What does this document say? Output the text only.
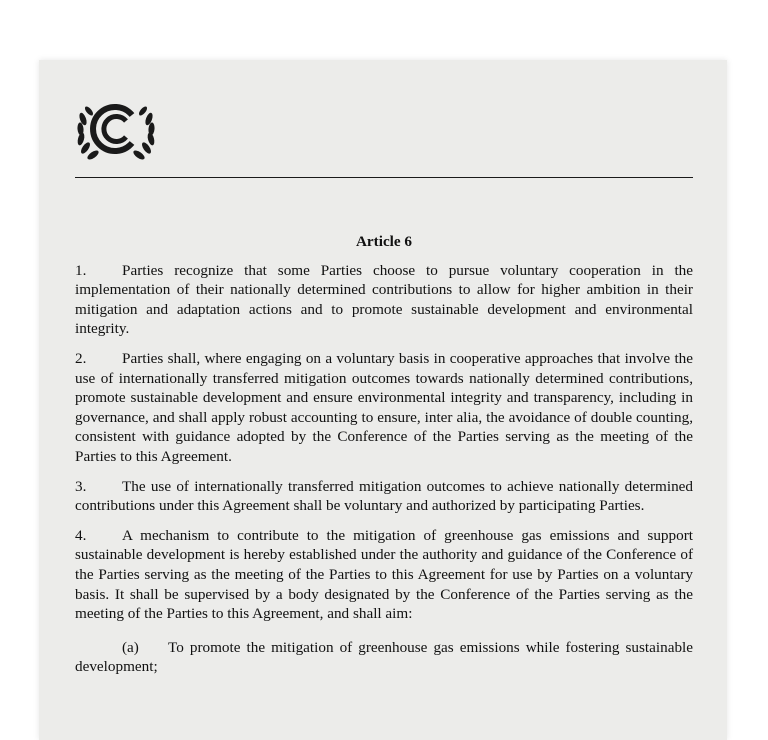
Article 6

1. Parties recognize that some Parties choose to pursue voluntary cooperation in the implementation of their nationally determined contributions to allow for higher ambition in their mitigation and adaptation actions and to promote sustainable development and environmental integrity.

2. Parties shall, where engaging on a voluntary basis in cooperative approaches that involve the use of internationally transferred mitigation outcomes towards nationally determined contributions, promote sustainable development and ensure environmental integrity and transparency, including in governance, and shall apply robust accounting to ensure, inter alia, the avoidance of double counting, consistent with guidance adopted by the Conference of the Parties serving as the meeting of the Parties to this Agreement.

3. The use of internationally transferred mitigation outcomes to achieve nationally determined contributions under this Agreement shall be voluntary and authorized by participating Parties.

4. A mechanism to contribute to the mitigation of greenhouse gas emissions and support sustainable development is hereby established under the authority and guidance of the Conference of the Parties serving as the meeting of the Parties to this Agreement for use by Parties on a voluntary basis. It shall be supervised by a body designated by the Conference of the Parties serving as the meeting of the Parties to this Agreement, and shall aim:

(a) To promote the mitigation of greenhouse gas emissions while fostering sustainable development;
